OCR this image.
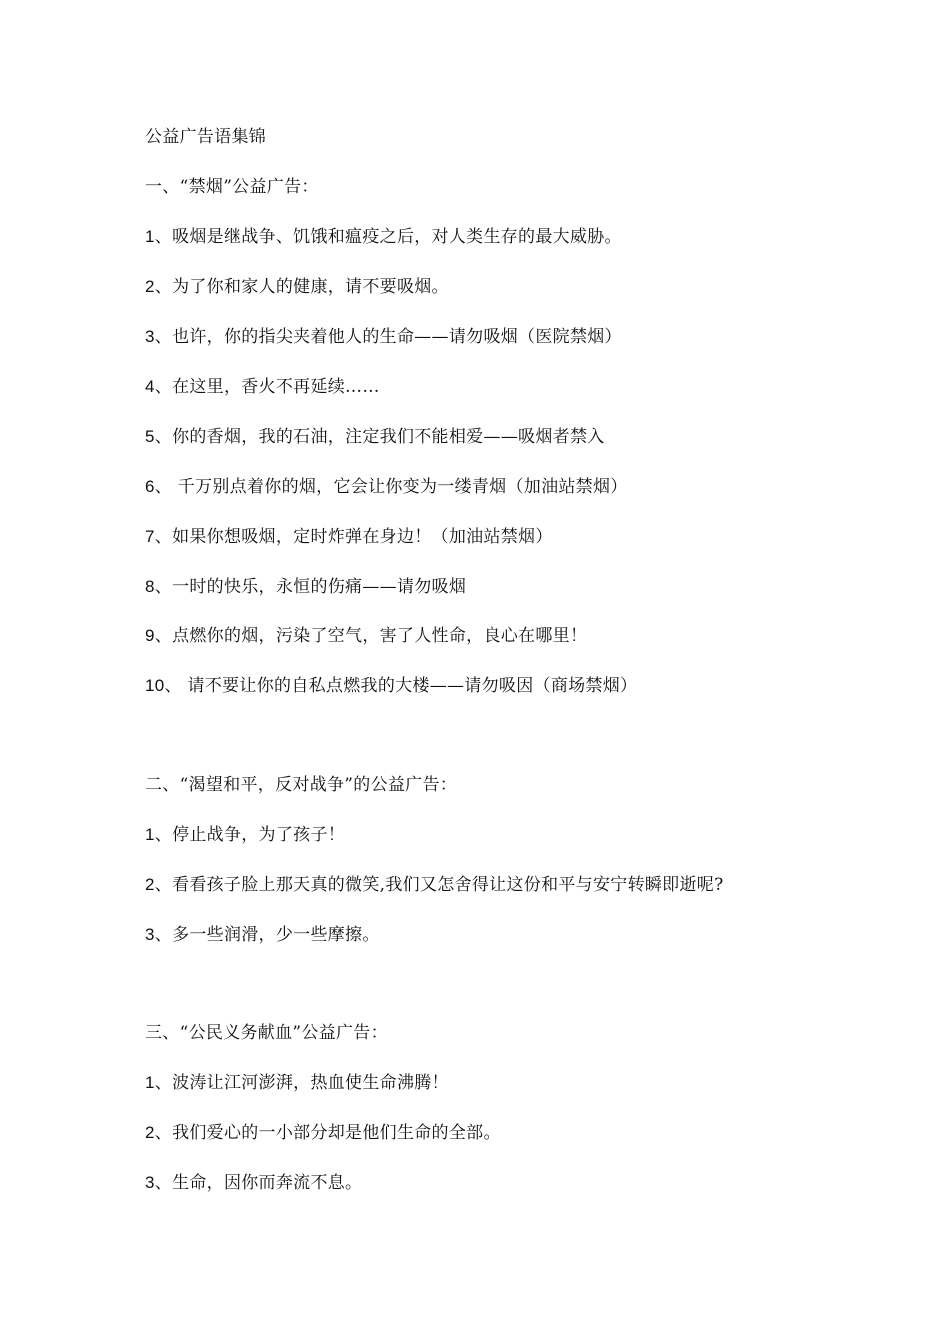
公益广告语集锦
一、“禁烟”公益广告：
1、吸烟是继战争、饥饿和瘟疫之后，对人类生存的最大威胁。
2、为了你和家人的健康，请不要吸烟。
3、也许，你的指尖夹着他人的生命——请勿吸烟（医院禁烟）
4、在这里，香火不再延续……
5、你的香烟，我的石油，注定我们不能相爱——吸烟者禁入
6、 千万别点着你的烟，它会让你变为一缕青烟（加油站禁烟）
7、如果你想吸烟，定时炸弹在身边！（加油站禁烟）
8、一时的快乐，永恒的伤痛——请勿吸烟
9、点燃你的烟，污染了空气，害了人性命，良心在哪里！
10、 请不要让你的自私点燃我的大楼——请勿吸因（商场禁烟）
二、“渴望和平，反对战争”的公益广告：
1、停止战争，为了孩子！
2、看看孩子脸上那天真的微笑,我们又怎舍得让这份和平与安宁转瞬即逝呢?
3、多一些润滑，少一些摩擦。
三、“公民义务献血”公益广告：
1、波涛让江河澎湃，热血使生命沸腾！
2、我们爱心的一小部分却是他们生命的全部。
3、生命，因你而奔流不息。
